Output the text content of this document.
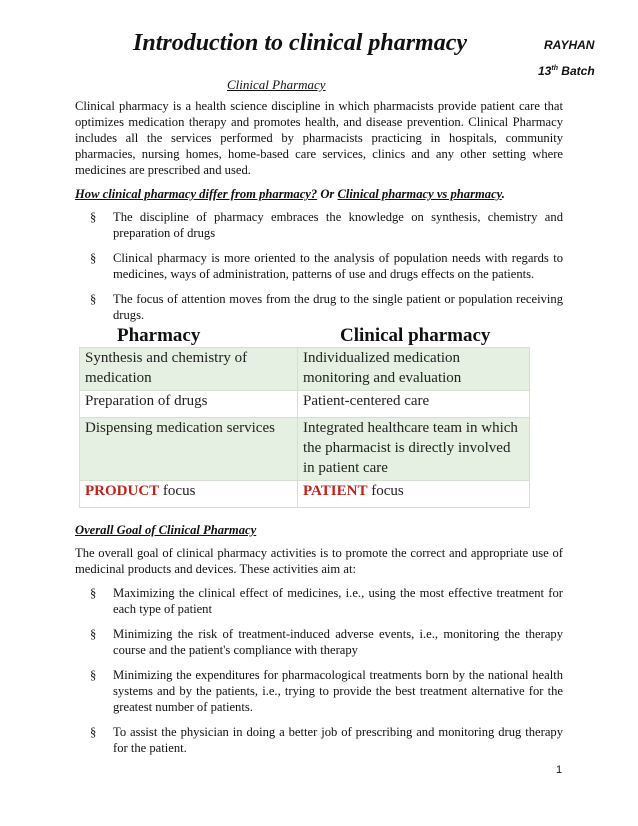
Introduction to clinical pharmacy	RAYHAN
13th Batch
Clinical Pharmacy
Clinical pharmacy is a health science discipline in which pharmacists provide patient care that optimizes medication therapy and promotes health, and disease prevention. Clinical Pharmacy includes all the services performed by pharmacists practicing in hospitals, community pharmacies, nursing homes, home-based care services, clinics and any other setting where medicines are prescribed and used.
How clinical pharmacy differ from pharmacy? Or Clinical pharmacy vs pharmacy.
§ The discipline of pharmacy embraces the knowledge on synthesis, chemistry and preparation of drugs
§ Clinical pharmacy is more oriented to the analysis of population needs with regards to medicines, ways of administration, patterns of use and drugs effects on the patients.
§ The focus of attention moves from the drug to the single patient or population receiving drugs.
Pharmacy	Clinical pharmacy
Synthesis and chemistry of medication	Individualized medication monitoring and evaluation
Preparation of drugs	Patient-centered care
Dispensing medication services	Integrated healthcare team in which the pharmacist is directly involved in patient care
PRODUCT focus	PATIENT focus
Overall Goal of Clinical Pharmacy
The overall goal of clinical pharmacy activities is to promote the correct and appropriate use of medicinal products and devices. These activities aim at:
§ Maximizing the clinical effect of medicines, i.e., using the most effective treatment for each type of patient
§ Minimizing the risk of treatment-induced adverse events, i.e., monitoring the therapy course and the patient's compliance with therapy
§ Minimizing the expenditures for pharmacological treatments born by the national health systems and by the patients, i.e., trying to provide the best treatment alternative for the greatest number of patients.
§ To assist the physician in doing a better job of prescribing and monitoring drug therapy for the patient.
1
